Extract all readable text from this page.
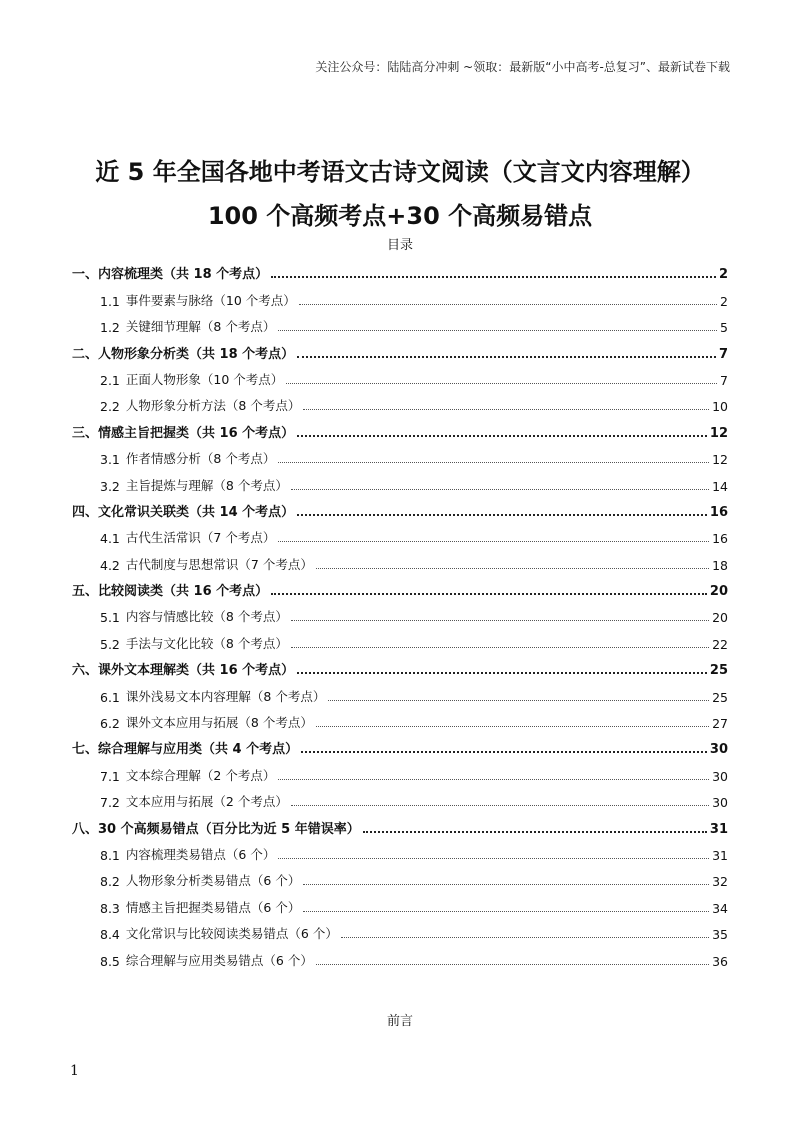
关注公众号：陆陆高分冲刺 ~领取：最新版“小中高考-总复习”、最新试卷下载
近 5 年全国各地中考语文古诗文阅读（文言文内容理解）
100 个高频考点+30 个高频易错点
目录
一、内容梳理类（共 18 个考点）	2
1.1 事件要素与脉络（10 个考点）	2
1.2 关键细节理解（8 个考点）	5
二、人物形象分析类（共 18 个考点）	7
2.1 正面人物形象（10 个考点）	7
2.2 人物形象分析方法（8 个考点）	10
三、情感主旨把握类（共 16 个考点）	12
3.1 作者情感分析（8 个考点）	12
3.2 主旨提炼与理解（8 个考点）	14
四、文化常识关联类（共 14 个考点）	16
4.1 古代生活常识（7 个考点）	16
4.2 古代制度与思想常识（7 个考点）	18
五、比较阅读类（共 16 个考点）	20
5.1 内容与情感比较（8 个考点）	20
5.2 手法与文化比较（8 个考点）	22
六、课外文本理解类（共 16 个考点）	25
6.1 课外浅易文本内容理解（8 个考点）	25
6.2 课外文本应用与拓展（8 个考点）	27
七、综合理解与应用类（共 4 个考点）	30
7.1 文本综合理解（2 个考点）	30
7.2 文本应用与拓展（2 个考点）	30
八、30 个高频易错点（百分比为近 5 年错误率）	31
8.1 内容梳理类易错点（6 个）	31
8.2 人物形象分析类易错点（6 个）	32
8.3 情感主旨把握类易错点（6 个）	34
8.4 文化常识与比较阅读类易错点（6 个）	35
8.5 综合理解与应用类易错点（6 个）	36
前言
1
